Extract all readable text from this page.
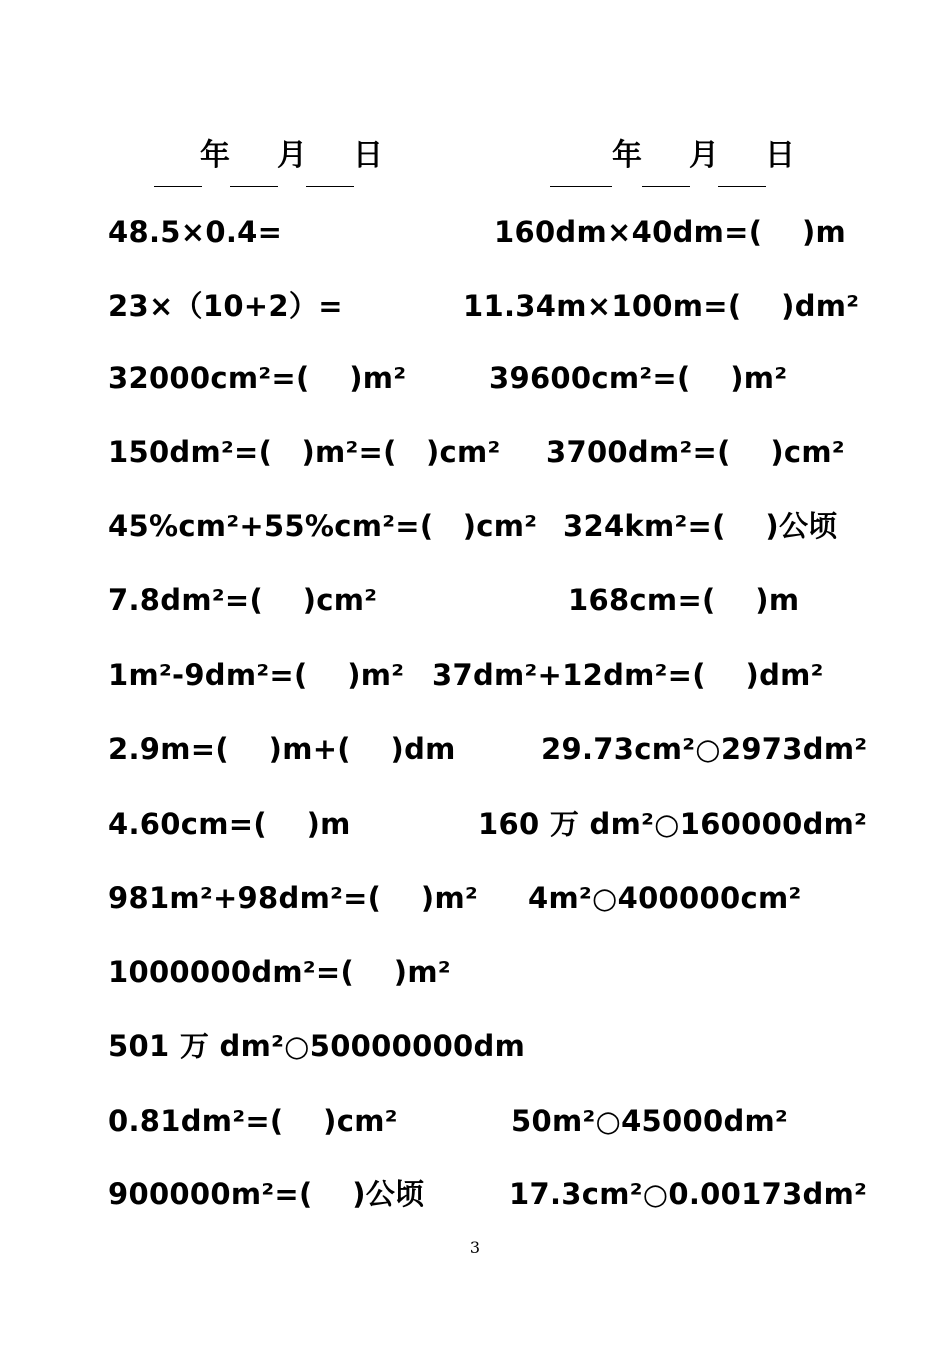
年 月 日	年 月 日
48.5×0.4=	160dm×40dm=(　 )m
23×（10+2）=	11.34m×100m=(　 )dm²
32000cm²=(　 )m²	39600cm²=(　 )m²
150dm²=(　)m²=(　)cm² 3700dm²=(　 )cm²
45%cm²+55%cm²=(　)cm² 324km²=(　 )公顷
7.8dm²=(　 )cm²	168cm=(　 )m
1m²-9dm²=(　 )m² 37dm²+12dm²=(　 )dm²
2.9m=(　 )m+(　 )dm	29.73cm²○2973dm²
4.60cm=(　 )m	160 万 dm²○160000dm²
981m²+98dm²=(　 )m² 4m²○400000cm²
1000000dm²=(　 )m²
501 万 dm²○50000000dm
0.81dm²=(　 )cm²	50m²○45000dm²
900000m²=(　 )公顷	17.3cm²○0.00173dm²
3
